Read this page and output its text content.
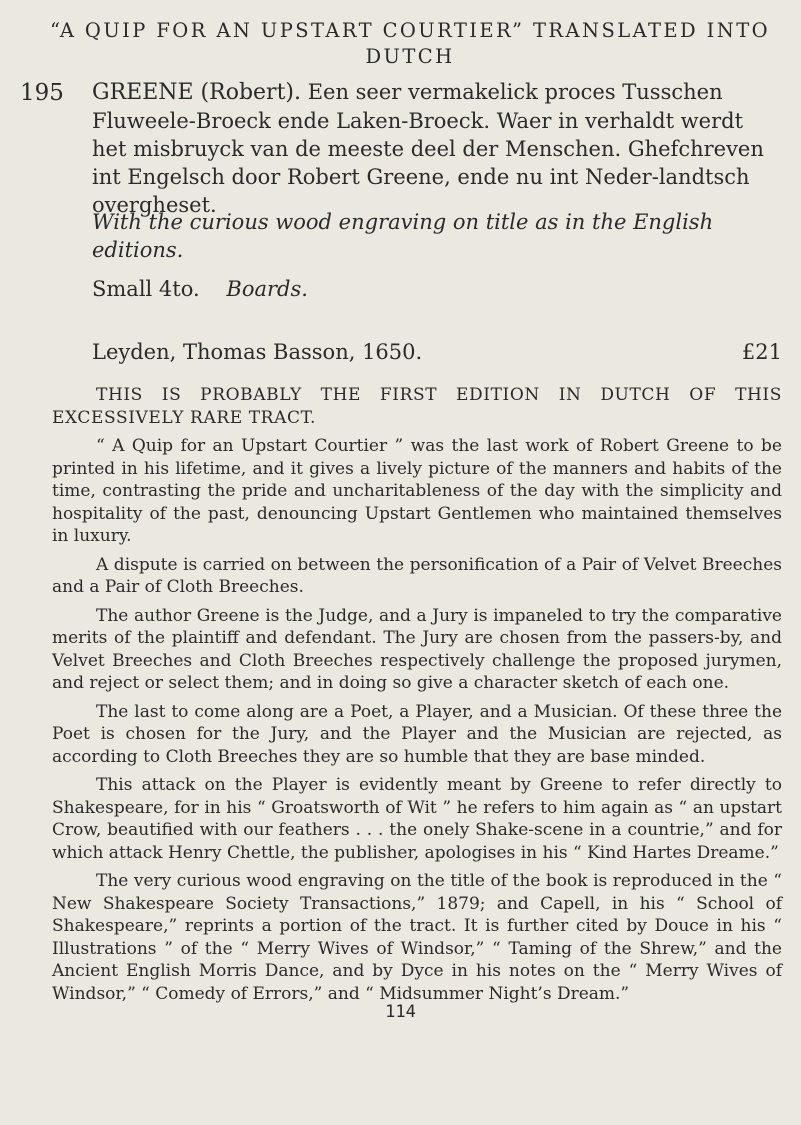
“A QUIP FOR AN UPSTART COURTIER” TRANSLATED INTO DUTCH
195 GREENE (Robert). Een seer vermakelick proces Tusschen Fluweele-Broeck ende Laken-Broeck. Waer in verhaldt werdt het misbruyck van de meeste deel der Menschen. Ghefchreven int Engelsch door Robert Greene, ende nu int Neder-landtsch overgheset.
With the curious wood engraving on title as in the English editions.
Small 4to. Boards.
Leyden, Thomas Basson, 1650.	£21

THIS IS PROBABLY THE FIRST EDITION IN DUTCH OF THIS EXCESSIVELY RARE TRACT.

“ A Quip for an Upstart Courtier ” was the last work of Robert Greene to be printed in his lifetime, and it gives a lively picture of the manners and habits of the time, contrasting the pride and uncharitableness of the day with the simplicity and hospitality of the past, denouncing Upstart Gentlemen who maintained themselves in luxury.

A dispute is carried on between the personification of a Pair of Velvet Breeches and a Pair of Cloth Breeches.

The author Greene is the Judge, and a Jury is impaneled to try the comparative merits of the plaintiff and defendant. The Jury are chosen from the passers-by, and Velvet Breeches and Cloth Breeches respectively challenge the proposed jurymen, and reject or select them; and in doing so give a character sketch of each one.

The last to come along are a Poet, a Player, and a Musician. Of these three the Poet is chosen for the Jury, and the Player and the Musician are rejected, as according to Cloth Breeches they are so humble that they are base minded.

This attack on the Player is evidently meant by Greene to refer directly to Shakespeare, for in his “ Groatsworth of Wit ” he refers to him again as “ an upstart Crow, beautified with our feathers . . . the onely Shake-scene in a countrie,” and for which attack Henry Chettle, the publisher, apologises in his “ Kind Hartes Dreame.”

The very curious wood engraving on the title of the book is reproduced in the “ New Shakespeare Society Transactions,” 1879; and Capell, in his “ School of Shakespeare,” reprints a portion of the tract. It is further cited by Douce in his “ Illustrations ” of the “ Merry Wives of Windsor,” “ Taming of the Shrew,” and the Ancient English Morris Dance, and by Dyce in his notes on the “ Merry Wives of Windsor,” “ Comedy of Errors,” and “ Midsummer Night’s Dream.”

114
